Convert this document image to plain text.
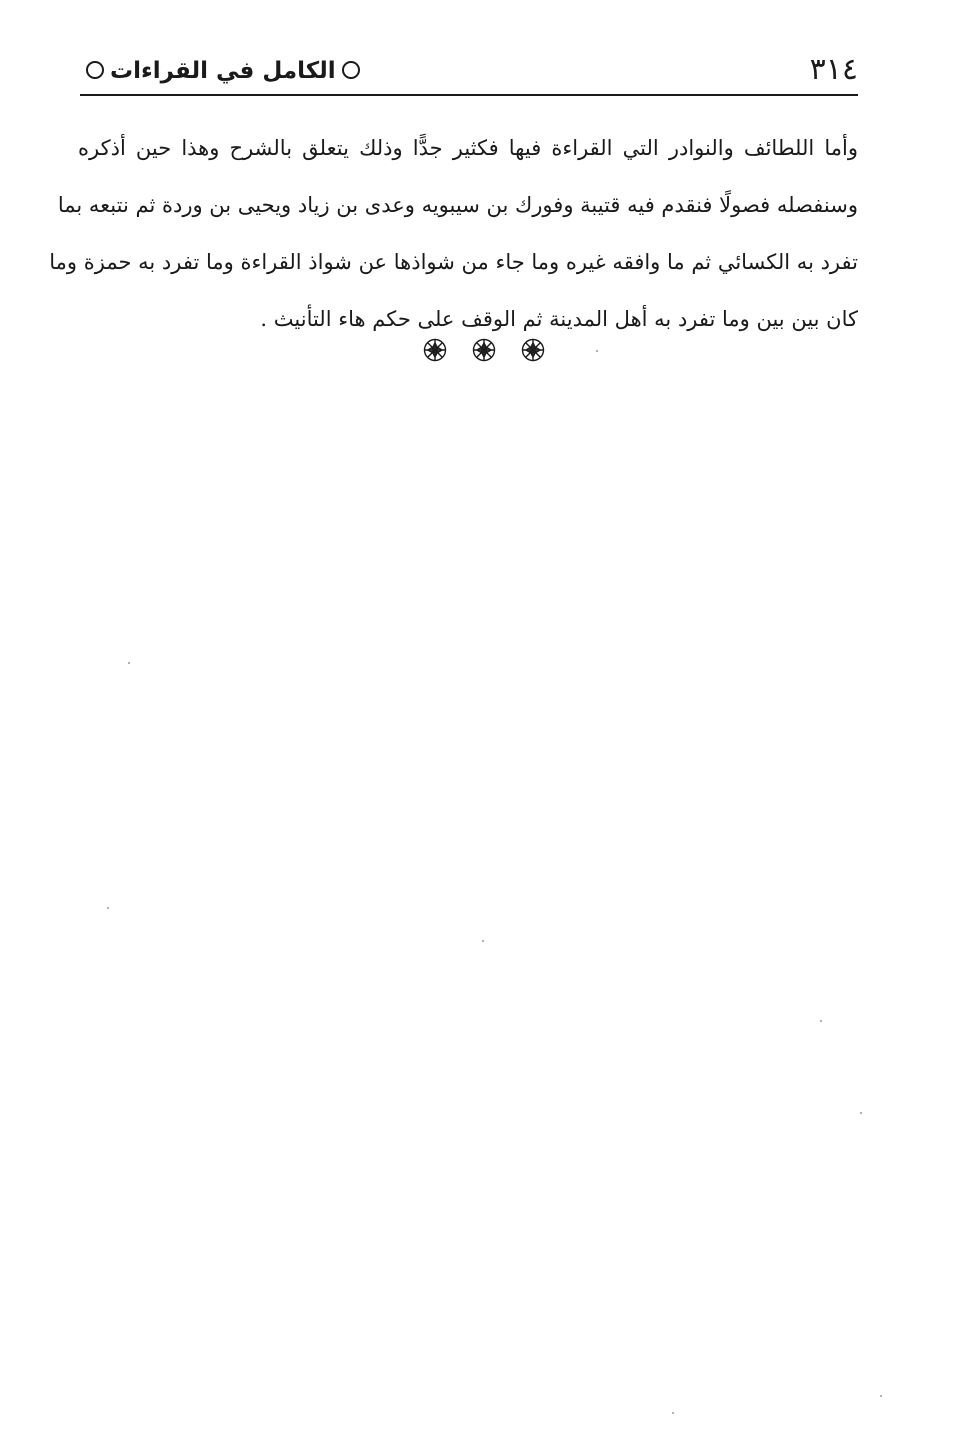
٣١٤
الكامل في القراءات
وأما اللطائف والنوادر التي القراءة فيها فكثير جدًّا وذلك يتعلق بالشرح وهذا حين أذكره
وسنفصله فصولًا فنقدم فيه قتيبة وفورك بن سيبويه وعدى بن زياد ويحيى بن وردة ثم نتبعه بما
تفرد به الكسائي ثم ما وافقه غيره وما جاء من شواذها عن شواذ القراءة وما تفرد به حمزة وما
كان بين بين وما تفرد به أهل المدينة ثم الوقف على حكم هاء التأنيث .
